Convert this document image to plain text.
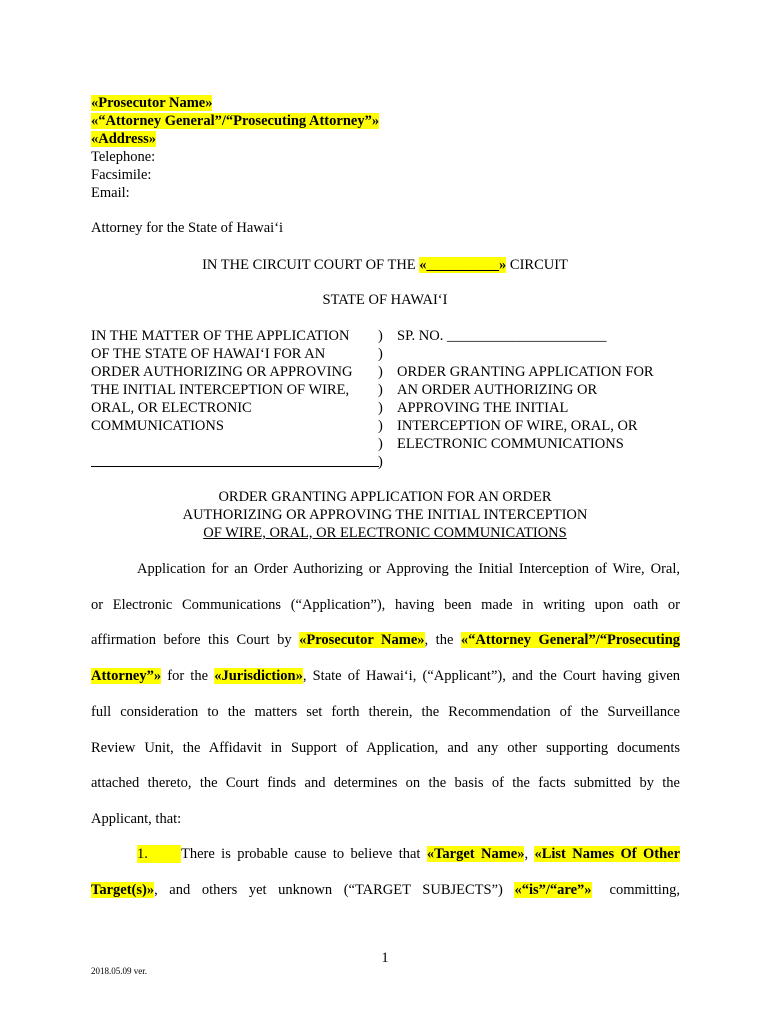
«Prosecutor Name»
«“Attorney General”/“Prosecuting Attorney”»
«Address»
Telephone:
Facsimile:
Email:
Attorney for the State of Hawai‘i
IN THE CIRCUIT COURT OF THE «__________» CIRCUIT
STATE OF HAWAI‘I
IN THE MATTER OF THE APPLICATION
OF THE STATE OF HAWAI‘I FOR AN
ORDER AUTHORIZING OR APPROVING
THE INITIAL INTERCEPTION OF WIRE,
ORAL, OR ELECTRONIC
COMMUNICATIONS
)
)
)
)
)
)
)
)
SP. NO. ______________________
ORDER GRANTING APPLICATION FOR
AN ORDER AUTHORIZING OR
APPROVING THE INITIAL
INTERCEPTION OF WIRE, ORAL, OR
ELECTRONIC COMMUNICATIONS
ORDER GRANTING APPLICATION FOR AN ORDER
AUTHORIZING OR APPROVING THE INITIAL INTERCEPTION
OF WIRE, ORAL, OR ELECTRONIC COMMUNICATIONS
Application for an Order Authorizing or Approving the Initial Interception of Wire, Oral,
or Electronic Communications (“Application”), having been made in writing upon oath or
affirmation before this Court by «Prosecutor Name», the «“Attorney General”/“Prosecuting
Attorney”» for the «Jurisdiction», State of Hawai‘i, (“Applicant”), and the Court having given
full consideration to the matters set forth therein, the Recommendation of the Surveillance
Review Unit, the Affidavit in Support of Application, and any other supporting documents
attached thereto, the Court finds and determines on the basis of the facts submitted by the
Applicant, that:
1.	There is probable cause to believe that «Target Name», «List Names Of Other
Target(s)», and others yet unknown (“TARGET SUBJECTS”) «“is”/“are”» committing,
1
2018.05.09 ver.
